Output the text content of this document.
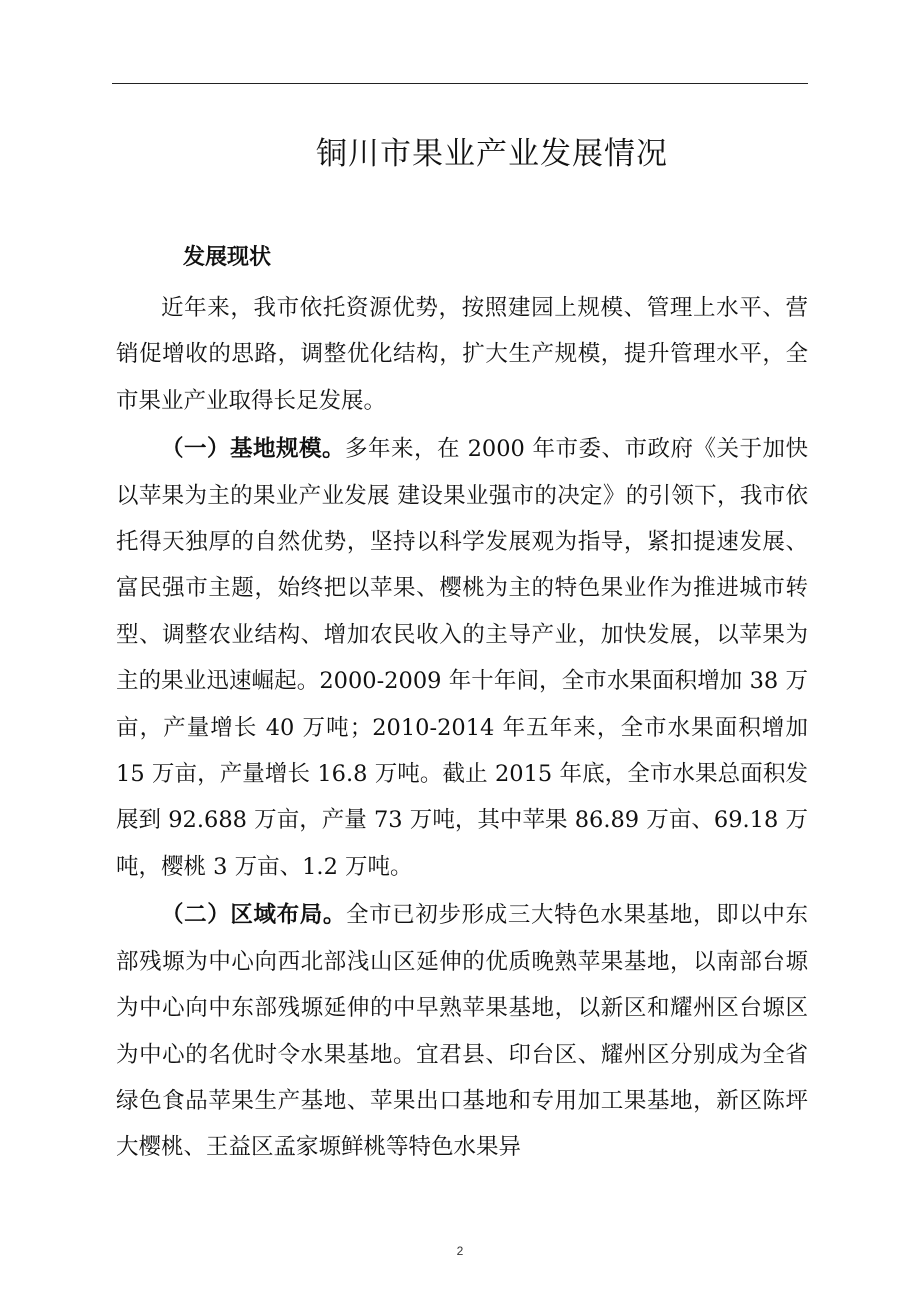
铜川市果业产业发展情况
发展现状

近年来，我市依托资源优势，按照建园上规模、管理上水平、营销促增收的思路，调整优化结构，扩大生产规模，提升管理水平，全市果业产业取得长足发展。

（一）基地规模。多年来，在 2000 年市委、市政府《关于加快以苹果为主的果业产业发展 建设果业强市的决定》的引领下，我市依托得天独厚的自然优势，坚持以科学发展观为指导，紧扣提速发展、富民强市主题，始终把以苹果、樱桃为主的特色果业作为推进城市转型、调整农业结构、增加农民收入的主导产业，加快发展，以苹果为主的果业迅速崛起。2000-2009 年十年间，全市水果面积增加 38 万亩，产量增长 40 万吨；2010-2014 年五年来，全市水果面积增加 15 万亩，产量增长 16.8 万吨。截止 2015 年底，全市水果总面积发展到 92.688 万亩，产量 73 万吨，其中苹果 86.89 万亩、69.18 万吨，樱桃 3 万亩、1.2 万吨。

（二）区域布局。全市已初步形成三大特色水果基地，即以中东部残塬为中心向西北部浅山区延伸的优质晚熟苹果基地，以南部台塬为中心向中东部残塬延伸的中早熟苹果基地，以新区和耀州区台塬区为中心的名优时令水果基地。宜君县、印台区、耀州区分别成为全省绿色食品苹果生产基地、苹果出口基地和专用加工果基地，新区陈坪大樱桃、王益区孟家塬鲜桃等特色水果异

2
